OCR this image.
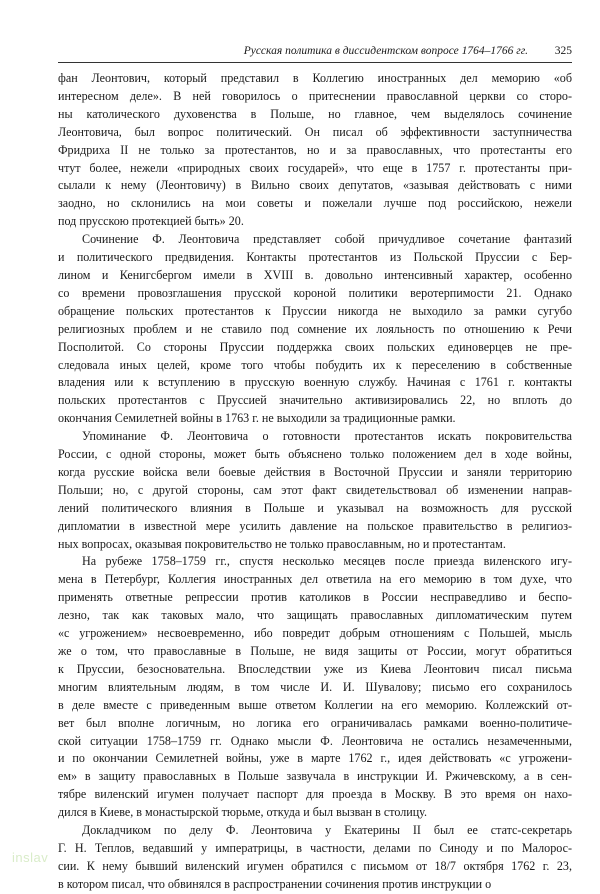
Русская политика в диссидентском вопросе 1764–1766 гг. 325
фан Леонтович, который представил в Коллегию иностранных дел меморию «об
интересном деле». В ней говорилось о притеснении православной церкви со сторо-
ны католического духовенства в Польше, но главное, чем выделялось сочинение
Леонтовича, был вопрос политический. Он писал об эффективности заступничества
Фридриха II не только за протестантов, но и за православных, что протестанты его
чтут более, нежели «природных своих государей», что еще в 1757 г. протестанты при-
сылали к нему (Леонтовичу) в Вильно своих депутатов, «зазывая действовать с ними
заодно, но склонились на мои советы и пожелали лучше под российскою, нежели
под прусскою протекцией быть» 20.
Сочинение Ф. Леонтовича представляет собой причудливое сочетание фантазий
и политического предвидения. Контакты протестантов из Польской Пруссии с Бер-
лином и Кенигсбергом имели в XVIII в. довольно интенсивный характер, особенно
со времени провозглашения прусской короной политики веротерпимости 21. Однако
обращение польских протестантов к Пруссии никогда не выходило за рамки сугубо
религиозных проблем и не ставило под сомнение их лояльность по отношению к Речи
Посполитой. Со стороны Пруссии поддержка своих польских единоверцев не пре-
следовала иных целей, кроме того чтобы побудить их к переселению в собственные
владения или к вступлению в прусскую военную службу. Начиная с 1761 г. контакты
польских протестантов с Пруссией значительно активизировались 22, но вплоть до
окончания Семилетней войны в 1763 г. не выходили за традиционные рамки.
Упоминание Ф. Леонтовича о готовности протестантов искать покровительства
России, с одной стороны, может быть объяснено только положением дел в ходе войны,
когда русские войска вели боевые действия в Восточной Пруссии и заняли территорию
Польши; но, с другой стороны, сам этот факт свидетельствовал об изменении направ-
лений политического влияния в Польше и указывал на возможность для русской
дипломатии в известной мере усилить давление на польское правительство в религиоз-
ных вопросах, оказывая покровительство не только православным, но и протестантам.
На рубеже 1758–1759 гг., спустя несколько месяцев после приезда виленского игу-
мена в Петербург, Коллегия иностранных дел ответила на его меморию в том духе, что
применять ответные репрессии против католиков в России несправедливо и беспо-
лезно, так как таковых мало, что защищать православных дипломатическим путем
«с угрожением» несвоевременно, ибо повредит добрым отношениям с Польшей, мысль
же о том, что православные в Польше, не видя защиты от России, могут обратиться
к Пруссии, безосновательна. Впоследствии уже из Киева Леонтович писал письма
многим влиятельным людям, в том числе И. И. Шувалову; письмо его сохранилось
в деле вместе с приведенным выше ответом Коллегии на его меморию. Коллежский от-
вет был вполне логичным, но логика его ограничивалась рамками военно-политиче-
ской ситуации 1758–1759 гг. Однако мысли Ф. Леонтовича не остались незамеченными,
и по окончании Семилетней войны, уже в марте 1762 г., идея действовать «с угрожени-
ем» в защиту православных в Польше зазвучала в инструкции И. Ржичевскому, а в сен-
тябре виленский игумен получает паспорт для проезда в Москву. В это время он нахо-
дился в Киеве, в монастырской тюрьме, откуда и был вызван в столицу.
Докладчиком по делу Ф. Леонтовича у Екатерины II был ее статс-секретарь
Г. Н. Теплов, ведавший у императрицы, в частности, делами по Синоду и по Малорос-
сии. К нему бывший виленский игумен обратился с письмом от 18/7 октября 1762 г. 23,
в котором писал, что обвинялся в распространении сочинения против инструкции о
inslav
